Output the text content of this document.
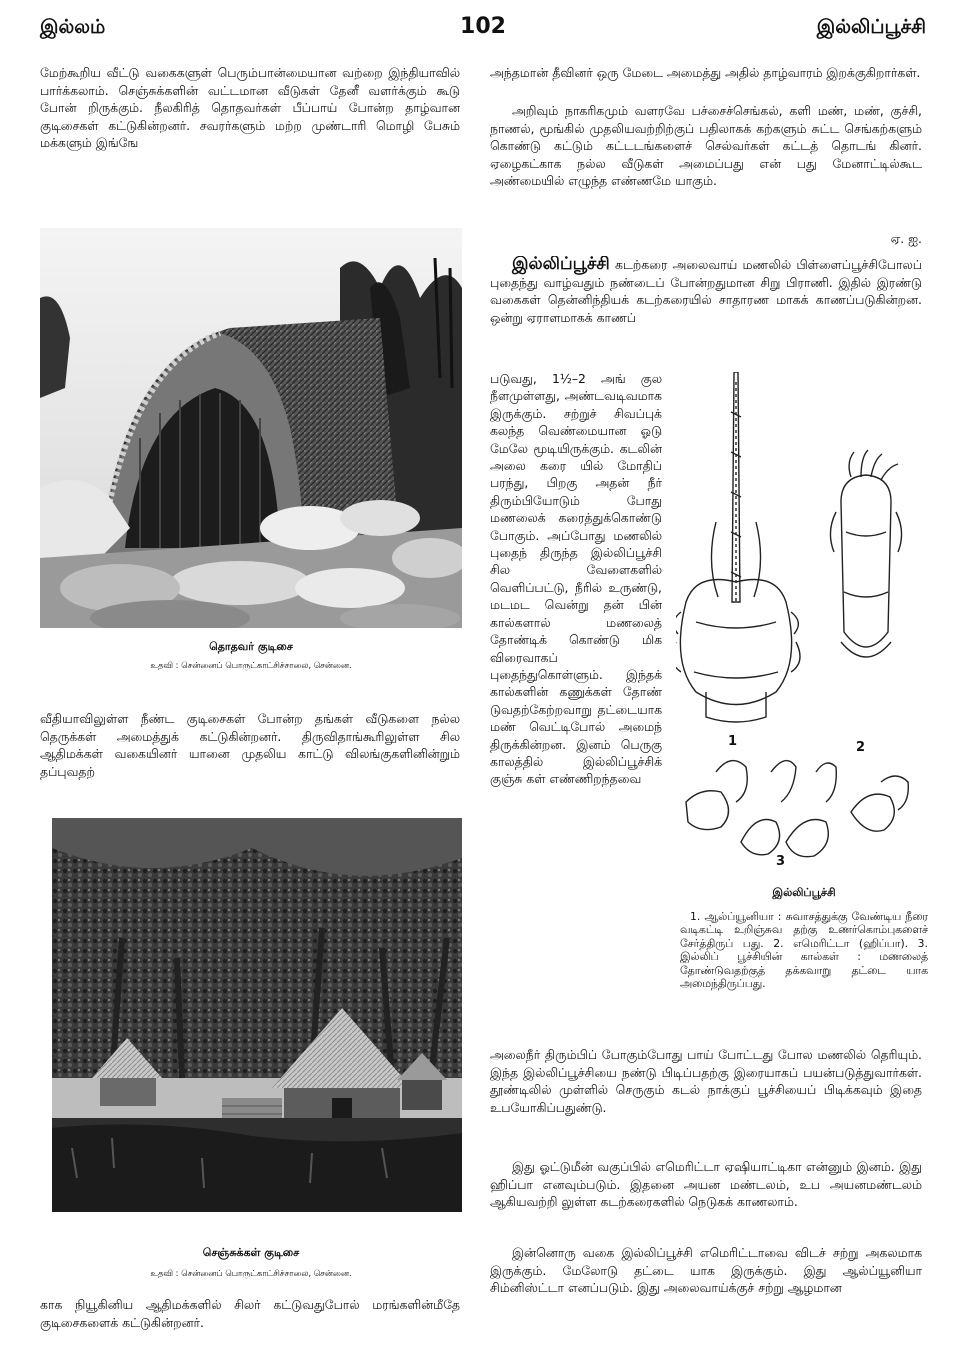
இல்லம்	102	இல்லிப்பூச்சி

மேற்கூறிய வீட்டு வகைகளுள் பெரும்பான்மையான வற்றை இந்தியாவில் பார்க்கலாம். செஞ்சுக்களின் வட்டமான வீடுகள் தேனீ வளர்க்கும் கூடு போன் றிருக்கும். நீலகிரித் தொதவர்கள் பீப்பாய் போன்ற தாழ்வான குடிசைகள் கட்டுகின்றனர். சவரர்களும் மற்ற முண்டாரி மொழி பேசும் மக்களும் இங்ஙே

தொதவர் குடிசை
உதவி : சென்னைப் பொருட்காட்சிச்சாலை, சென்னை.

வீதியாவிலுள்ள நீண்ட குடிசைகள் போன்ற தங்கள் வீடுகளை நல்ல தெருக்கள் அமைத்துக் கட்டுகின்றனர். திருவிதாங்கூரிலுள்ள சில ஆதிமக்கள் வகையினர் யானை முதலிய காட்டு விலங்குகளினின்றும் தப்புவதற்

செஞ்சுக்கள் குடிசை
உதவி : சென்னைப் பொருட்காட்சிச்சாலை, சென்னை.

காக நியூகினிய ஆதிமக்களில் சிலர் கட்டுவதுபோல் மரங்களின்மீதே குடிசைகளைக் கட்டுகின்றனர்.

அந்தமான் தீவினர் ஒரு மேடை அமைத்து அதில் தாழ்வாரம் இறக்குகிறார்கள்.

அறிவும் நாகரிகமும் வளரவே பச்சைச்செங்கல், களி மண், மண், குச்சி, நாணல், மூங்கில் முதலியவற்றிற்குப் பதிலாகக் கற்களும் சுட்ட செங்கற்களும் கொண்டு கட்டும் கட்டடங்களைச் செல்வர்கள் கட்டத் தொடங் கினர். ஏழைகட்காக நல்ல வீடுகள் அமைப்பது என் பது மேனாட்டில்கூட அண்மையில் எழுந்த எண்ணமே யாகும்.

ஏ. ஐ.

இல்லிப்பூச்சி கடற்கரை அலைவாய் மணலில் பிள்ளைப்பூச்சிபோலப் புதைந்து வாழ்வதும் நண்டைப் போன்றதுமான சிறு பிராணி. இதில் இரண்டு வகைகள் தென்னிந்தியக் கடற்கரையில் சாதாரண மாகக் காணப்படுகின்றன. ஒன்று ஏராளமாகக் காணப்

படுவது, 1½–2 அங் குல நீளமுள்ளது, அண்டவடிவமாக இருக்கும். சற்றுச் சிவப்புக் கலந்த வெண்மையான ஓடு மேலே மூடியிருக்கும். கடலின் அலை கரை யில் மோதிப் பரந்து, பிறகு அதன் நீர் திரும்பியோடும் போது மணலைக் கரைத்துக்கொண்டு போகும். அப்போது மணலில் புதைந் திருந்த இல்லிப்பூச்சி சில வேளைகளில் வெளிப்பட்டு, நீரில் உருண்டு, மடமட வென்று தன் பின் கால்களால் மணலைத் தோண்டிக் கொண்டு மிக விரைவாகப் புதைந்துகொள்ளும். இந்தக் கால்களின் கணுக்கள் தோண் டுவதற்கேற்றவாறு தட்டையாக மண் வெட்டிபோல் அமைந் திருக்கின்றன. இனம் பெருகு காலத்தில் இல்லிப்பூச்சிக் குஞ்சு கள் எண்ணிறந்தவை

1	2
3
இல்லிப்பூச்சி

1. ஆல்ப்யூனியா : சுவாசத்துக்கு வேண்டிய நீரை வடிகட்டி உறிஞ்சுவ தற்கு உணர்கொம்புகளைச் சேர்த்திருப் பது. 2. எமெரிட்டா (ஹிப்பா). 3. இல்லிப் பூச்சியின் கால்கள் : மணலைத் தோண்டுவதற்குத் தக்கவாறு தட்டை யாக அமைந்திருப்பது.

அலைநீர் திரும்பிப் போகும்போது பாய் போட்டது போல மணலில் தெரியும். இந்த இல்லிப்பூச்சியை நண்டு பிடிப்பதற்கு இரையாகப் பயன்படுத்துவார்கள். தூண்டிலில் முள்ளில் செருகும் கடல் நாக்குப் பூச்சியைப் பிடிக்கவும் இதை உபயோகிப்பதுண்டு.

இது ஓட்டுமீன் வகுப்பில் எமெரிட்டா ஏஷியாட்டிகா என்னும் இனம். இது ஹிப்பா எனவும்படும். இதனை அயன மண்டலம், உப அயனமண்டலம் ஆகியவற்றி லுள்ள கடற்கரைகளில் நெடுகக் காணலாம்.

இன்னொரு வகை இல்லிப்பூச்சி எமெரிட்டாவை விடச் சற்று அகலமாக இருக்கும். மேலோடு தட்டை யாக இருக்கும். இது ஆல்ப்யூனியா சிம்னிஸ்ட்டா எனப்படும். இது அலைவாய்க்குச் சற்று ஆழமான
